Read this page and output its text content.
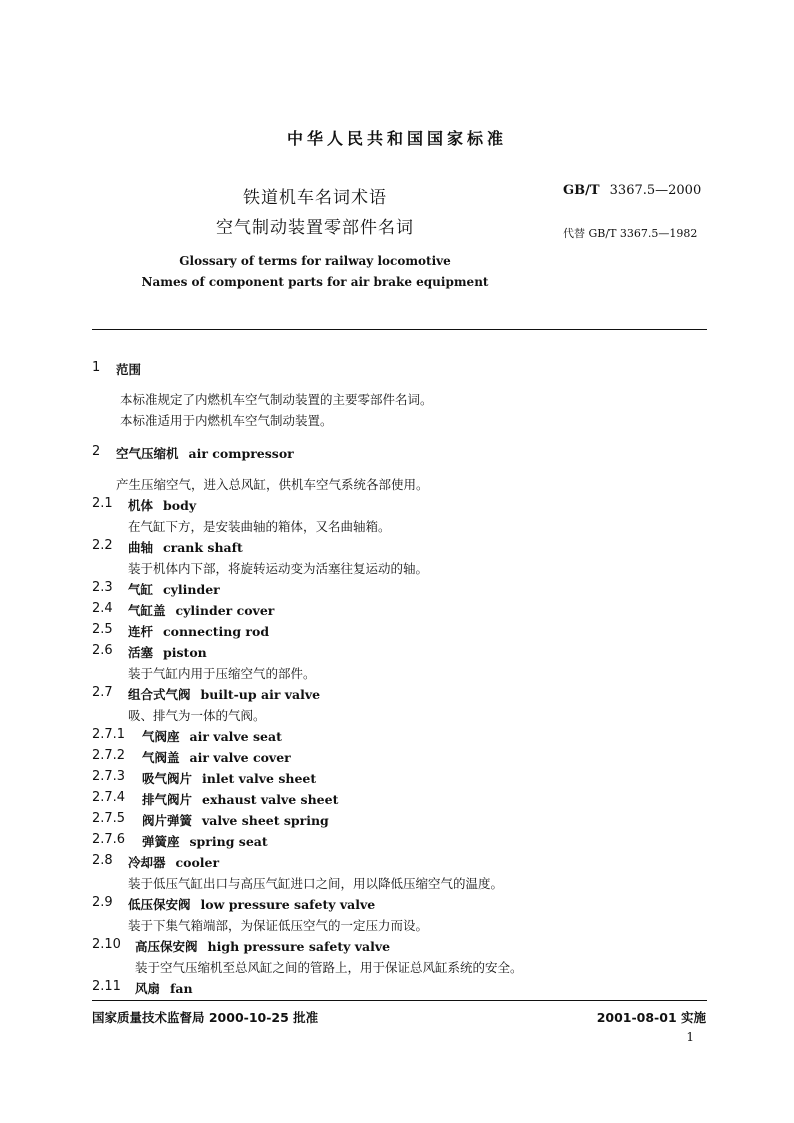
中华人民共和国国家标准
铁道机车名词术语
空气制动装置零部件名词
GB/T 3367.5—2000
代替 GB/T 3367.5—1982
Glossary of terms for railway locomotive
Names of component parts for air brake equipment
1 范围
本标准规定了内燃机车空气制动装置的主要零部件名词。
本标准适用于内燃机车空气制动装置。
2 空气压缩机 air compressor
产生压缩空气，进入总风缸，供机车空气系统各部使用。
2.1 机体 body
在气缸下方，是安装曲轴的箱体，又名曲轴箱。
2.2 曲轴 crank shaft
装于机体内下部，将旋转运动变为活塞往复运动的轴。
2.3 气缸 cylinder
2.4 气缸盖 cylinder cover
2.5 连杆 connecting rod
2.6 活塞 piston
装于气缸内用于压缩空气的部件。
2.7 组合式气阀 built-up air valve
吸、排气为一体的气阀。
2.7.1 气阀座 air valve seat
2.7.2 气阀盖 air valve cover
2.7.3 吸气阀片 inlet valve sheet
2.7.4 排气阀片 exhaust valve sheet
2.7.5 阀片弹簧 valve sheet spring
2.7.6 弹簧座 spring seat
2.8 冷却器 cooler
装于低压气缸出口与高压气缸进口之间，用以降低压缩空气的温度。
2.9 低压保安阀 low pressure safety valve
装于下集气箱端部，为保证低压空气的一定压力而设。
2.10 高压保安阀 high pressure safety valve
装于空气压缩机至总风缸之间的管路上，用于保证总风缸系统的安全。
2.11 风扇 fan
国家质量技术监督局 2000-10-25 批准	2001-08-01 实施
1
